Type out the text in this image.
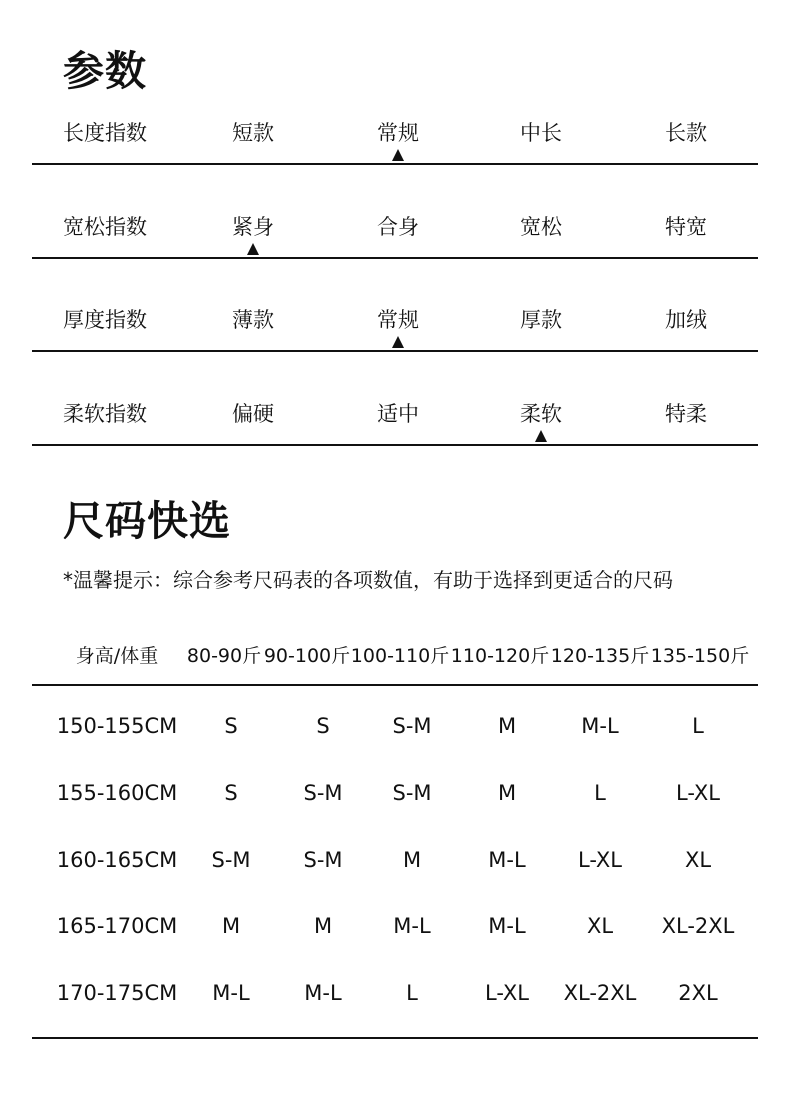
参数
长度指数	短款	常规	中长	长款
宽松指数	紧身	合身	宽松	特宽
厚度指数	薄款	常规	厚款	加绒
柔软指数	偏硬	适中	柔软	特柔
尺码快选

*温馨提示：综合参考尺码表的各项数值，有助于选择到更适合的尺码

身高/体重 80-90斤 90-100斤 100-110斤 110-120斤 120-135斤 135-150斤
150-155CM S	S	S-M	M	M-L	L
155-160CM S	S-M S-M	M	L	L-XL
160-165CM S-M	S-M	M	M-L L-XL	XL
165-170CM M	M	M-L	M-L	XL XL-2XL
170-175CM M-L	M-L	L	L-XL XL-2XL 2XL
